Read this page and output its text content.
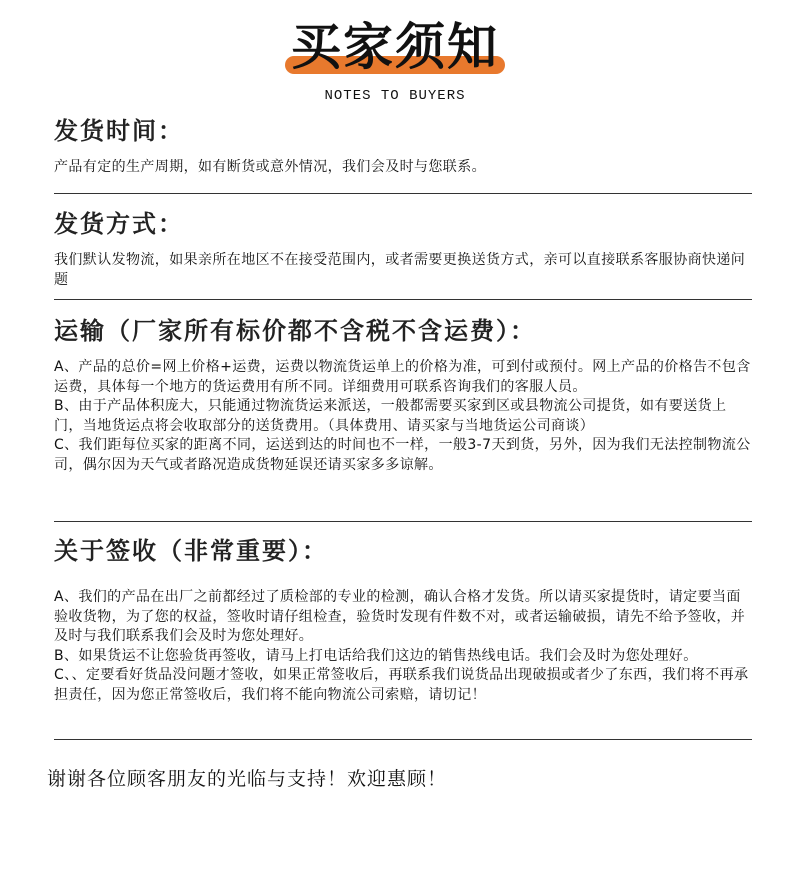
买家须知
NOTES TO BUYERS
发货时间：

产品有定的生产周期，如有断货或意外情况，我们会及时与您联系。

发货方式：

我们默认发物流，如果亲所在地区不在接受范围内，或者需要更换送货方式，亲可以直接联系客服协商快递问题

运输（厂家所有标价都不含税不含运费）：

A、产品的总价=网上价格+运费，运费以物流货运单上的价格为准，可到付或预付。网上产品的价格告不包含运费，具体每一个地方的货运费用有所不同。详细费用可联系咨询我们的客服人员。

B、由于产品体积庞大，只能通过物流货运来派送，一般都需要买家到区或县物流公司提货，如有要送货上门，当地货运点将会收取部分的送货费用。（具体费用、请买家与当地货运公司商谈）

C、我们距每位买家的距离不同，运送到达的时间也不一样，一般3-7天到货，另外，因为我们无法控制物流公司，偶尔因为天气或者路况造成货物延误还请买家多多谅解。

关于签收（非常重要）：

A、我们的产品在出厂之前都经过了质检部的专业的检测，确认合格才发货。所以请买家提货时，请定要当面验收货物，为了您的权益，签收时请仔组检查，验货时发现有件数不对，或者运输破损，请先不给予签收，并及时与我们联系我们会及时为您处理好。

B、如果货运不让您验货再签收，请马上打电话给我们这边的销售热线电话。我们会及时为您处理好。

C、、定要看好货品没问题才签收，如果正常签收后，再联系我们说货品出现破损或者少了东西，我们将不再承担责任，因为您正常签收后，我们将不能向物流公司索赔，请切记！

谢谢各位顾客朋友的光临与支持！欢迎惠顾！
